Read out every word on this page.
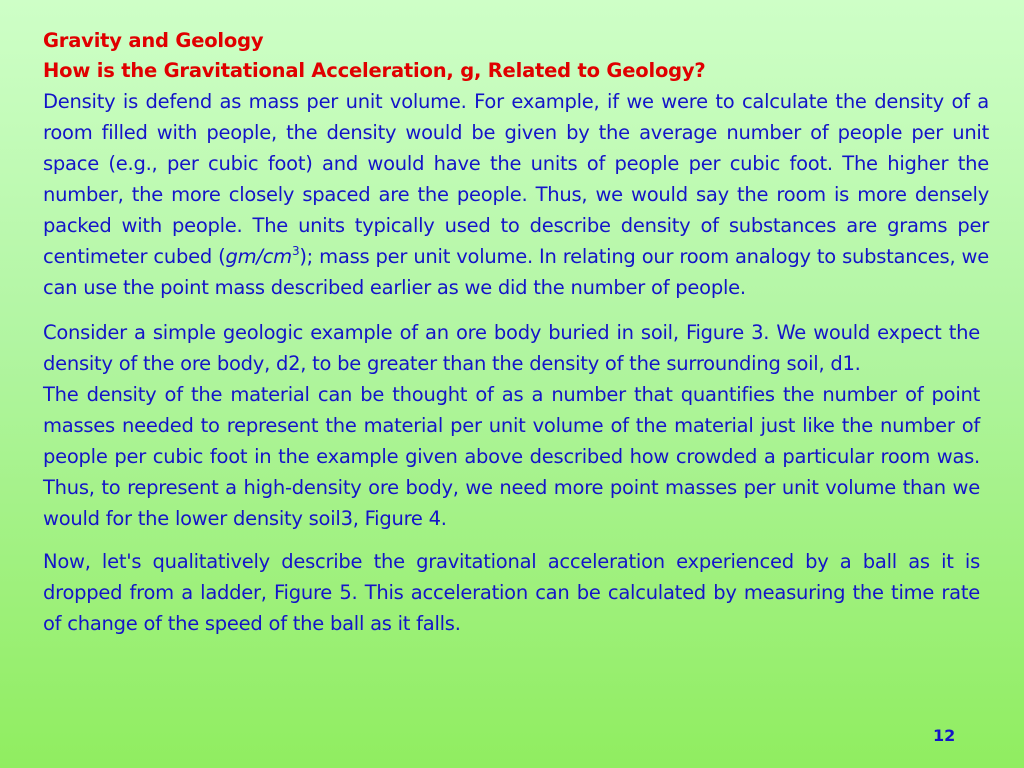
Gravity and Geology
How is the Gravitational Acceleration, g, Related to Geology?

Density is defend as mass per unit volume. For example, if we were to calculate the density of a room filled with people, the density would be given by the average number of people per unit space (e.g., per cubic foot) and would have the units of people per cubic foot. The higher the number, the more closely spaced are the people. Thus, we would say the room is more densely packed with people. The units typically used to describe density of substances are grams per centimeter cubed $(gm/cm^3)$; mass per unit volume. In relating our room analogy to substances, we can use the point mass described earlier as we did the number of people.

Consider a simple geologic example of an ore body buried in soil, Figure 3. We would expect the density of the ore body, d2, to be greater than the density of the surrounding soil, d1.

The density of the material can be thought of as a number that quantifies the number of point masses needed to represent the material per unit volume of the material just like the number of people per cubic foot in the example given above described how crowded a particular room was. Thus, to represent a high-density ore body, we need more point masses per unit volume than we would for the lower density soil3, Figure 4.

Now, let's qualitatively describe the gravitational acceleration experienced by a ball as it is dropped from a ladder, Figure 5. This acceleration can be calculated by measuring the time rate of change of the speed of the ball as it falls.

12
